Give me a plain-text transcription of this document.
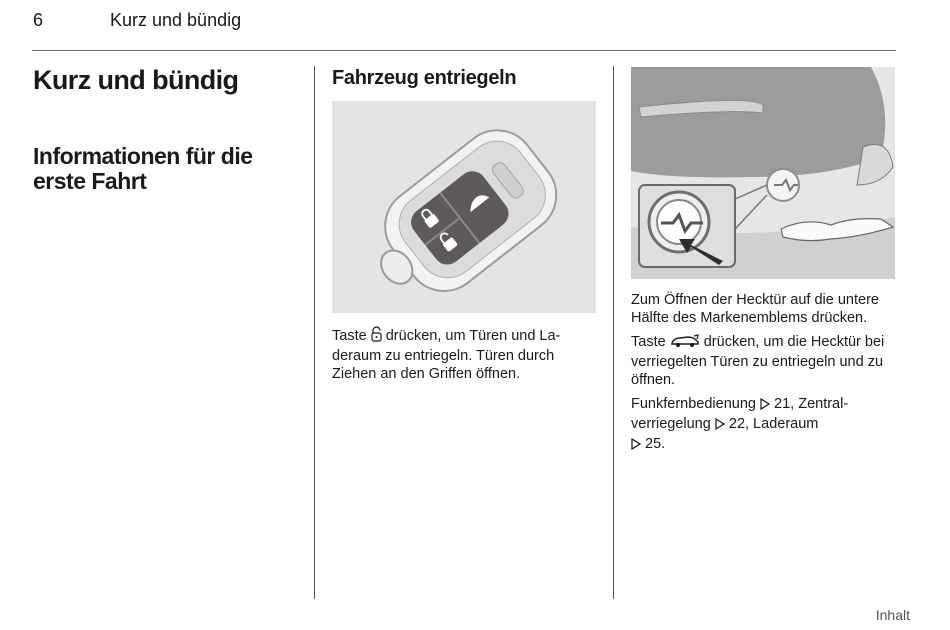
6	Kurz und bündig
Kurz und bündig
Informationen für die erste Fahrt
Fahrzeug entriegeln

Taste drücken, um Türen und Laderaum zu entriegeln. Türen durch Ziehen an den Griffen öffnen.

Zum Öffnen der Hecktür auf die untere Hälfte des Markenemblems drücken.

Taste	drücken, um die Hecktür bei verriegelten Türen zu entriegeln und zu öffnen.

Funkfernbedienung 21, Zentralverriegelung 22, Laderaum
25.

Inhalt
